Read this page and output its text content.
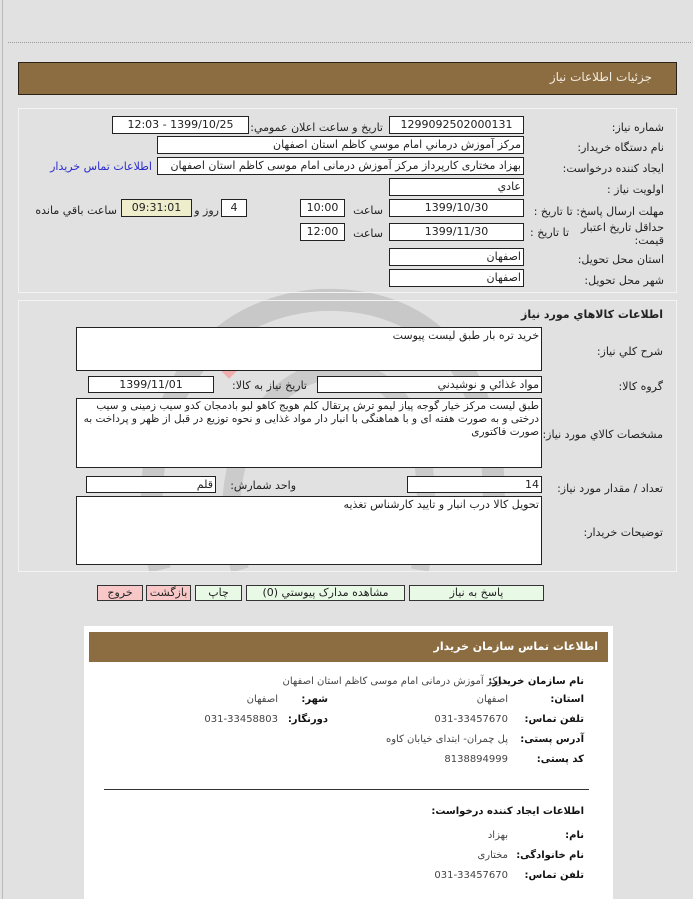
جزئيات اطلاعات نياز
شماره نياز:
1299092502000131
تاريخ و ساعت اعلان عمومي:
1399/10/25 - 12:03
نام دستگاه خريدار:
مرکز آموزش درماني امام موسي کاظم استان اصفهان
ايجاد کننده درخواست:
بهزاد مختاری کارپرداز مرکز آموزش درمانی امام موسی کاظم استان اصفهان
اطلاعات تماس خريدار
اولويت نياز :
عادي
مهلت ارسال پاسخ: تا تاريخ :
1399/10/30
ساعت
10:00
4
روز و
09:31:01
ساعت باقي مانده
حداقل تاريخ اعتبار قيمت:
تا تاريخ :
1399/11/30
ساعت
12:00
استان محل تحويل:
اصفهان
شهر محل تحويل:
اصفهان
اطلاعات کالاهاي مورد نياز
شرح کلي نياز:
خريد تره بار طبق ليست پيوست
گروه کالا:
مواد غذائي و نوشيدني
تاريخ نياز به کالا:
1399/11/01
مشخصات کالاي مورد نياز:
طبق لیست مرکز خیار گوجه پیاز لیمو ترش پرتقال کلم هویج کاهو لبو بادمجان کدو سیب زمینی و سیب درختی و به صورت هفته ای و با هماهنگی با انبار دار مواد غذایی و نحوه توزیع در قبل از ظهر و پرداخت به صورت فاکتوری
تعداد / مقدار مورد نياز:
14
واحد شمارش:
قلم
توضيحات خريدار:
تحویل کالا درب انبار و تایید کارشناس تغذیه
پاسخ به نياز
مشاهده مدارک پيوستي (0)
چاپ
بازگشت
خروج
اطلاعات تماس سازمان خریدار
نام سازمان خریدار:
مرکز آموزش درمانی امام موسی کاظم استان اصفهان
استان:
اصفهان
شهر:
اصفهان
تلفن تماس:
031-33457670
دورنگار:
031-33458803
آدرس پستی:
پل چمران- ابتدای خیابان کاوه
کد پستی:
8138894999
اطلاعات ایجاد کننده درخواست:
نام:
بهزاد
نام خانوادگی:
مختاری
تلفن تماس:
031-33457670
